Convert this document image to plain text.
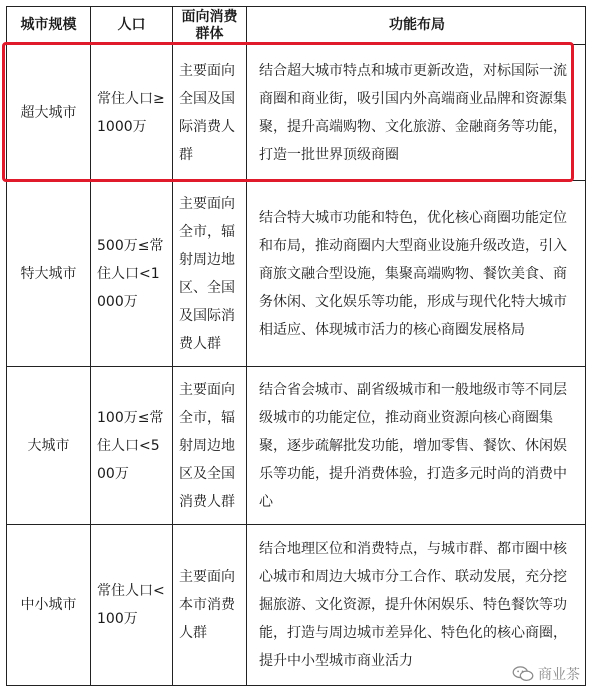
城市规模	人口
面向消费群体
功能布局
超大城市
常住人口≥1000万
主要面向全国及国际消费人群
结合超大城市特点和城市更新改造，对标国际一流商圈和商业街，吸引国内外高端商业品牌和资源集聚，提升高端购物、文化旅游、金融商务等功能，打造一批世界顶级商圈
特大城市
500万≤常住人口<1000万
主要面向全市，辐射周边地区、全国及国际消费人群
结合特大城市功能和特色，优化核心商圈功能定位和布局，推动商圈内大型商业设施升级改造，引入商旅文融合型设施，集聚高端购物、餐饮美食、商务休闲、文化娱乐等功能，形成与现代化特大城市相适应、体现城市活力的核心商圈发展格局
大城市
100万≤常住人口<500万
主要面向全市，辐射周边地区及全国消费人群
结合省会城市、副省级城市和一般地级市等不同层级城市的功能定位，推动商业资源向核心商圈集聚，逐步疏解批发功能，增加零售、餐饮、休闲娱乐等功能，提升消费体验，打造多元时尚的消费中心
中小城市
常住人口<100万
主要面向本市消费人群
结合地理区位和消费特点，与城市群、都市圈中核心城市和周边大城市分工合作、联动发展，充分挖掘旅游、文化资源，提升休闲娱乐、特色餐饮等功能，打造与周边城市差异化、特色化的核心商圈，提升中小型城市商业活力
商业茶
